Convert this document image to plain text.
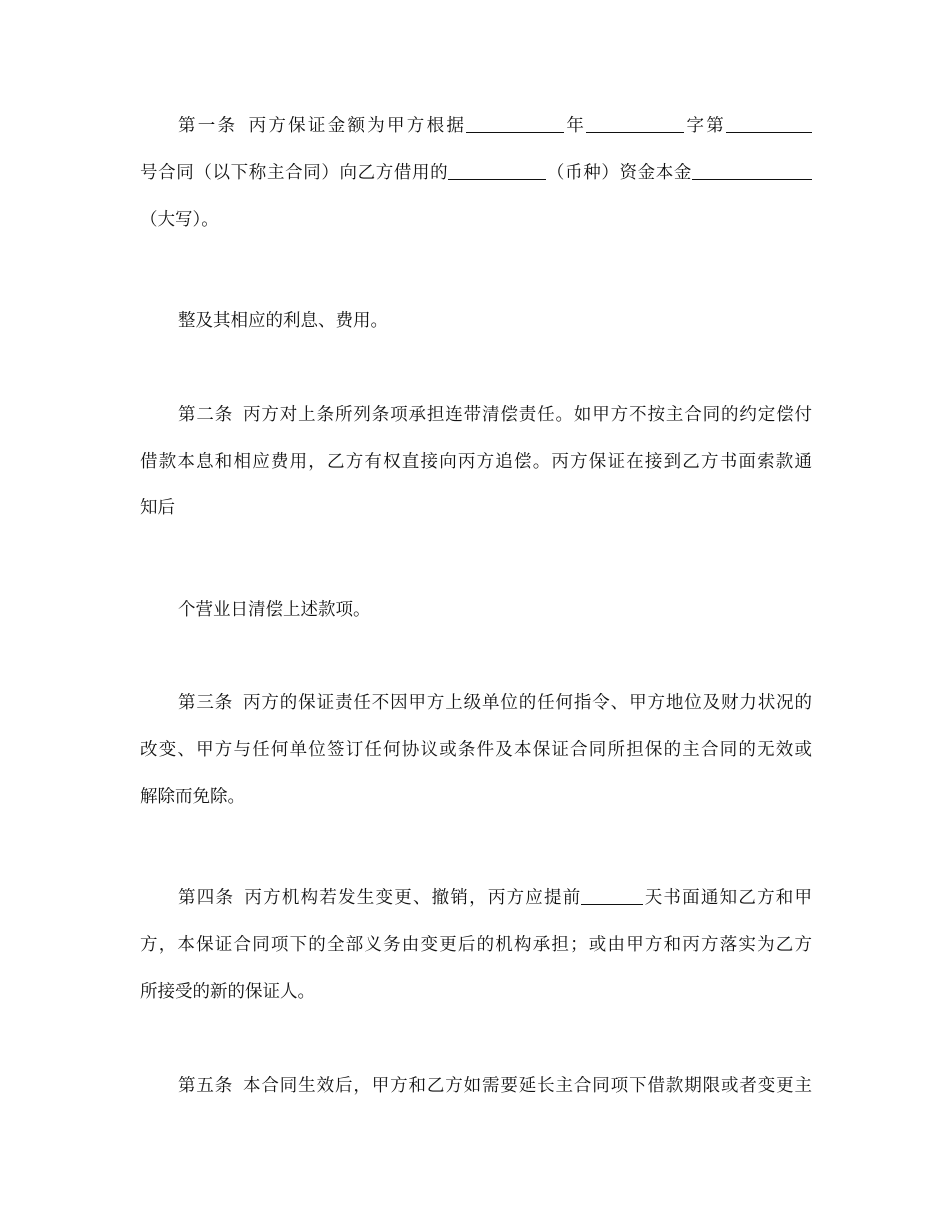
第一条 丙方保证金额为甲方根据	年	字第
号合同（以下称主合同）向乙方借用的	（币种）资金本金
（大写）。
整及其相应的利息、费用。
第二条 丙方对上条所列条项承担连带清偿责任。如甲方不按主合同的约定偿付
借款本息和相应费用，乙方有权直接向丙方追偿。丙方保证在接到乙方书面索款通
知后
个营业日清偿上述款项。
第三条 丙方的保证责任不因甲方上级单位的任何指令、甲方地位及财力状况的
改变、甲方与任何单位签订任何协议或条件及本保证合同所担保的主合同的无效或
解除而免除。
第四条 丙方机构若发生变更、撤销，丙方应提前	天书面通知乙方和甲
方，本保证合同项下的全部义务由变更后的机构承担；或由甲方和丙方落实为乙方
所接受的新的保证人。
第五条 本合同生效后，甲方和乙方如需要延长主合同项下借款期限或者变更主
